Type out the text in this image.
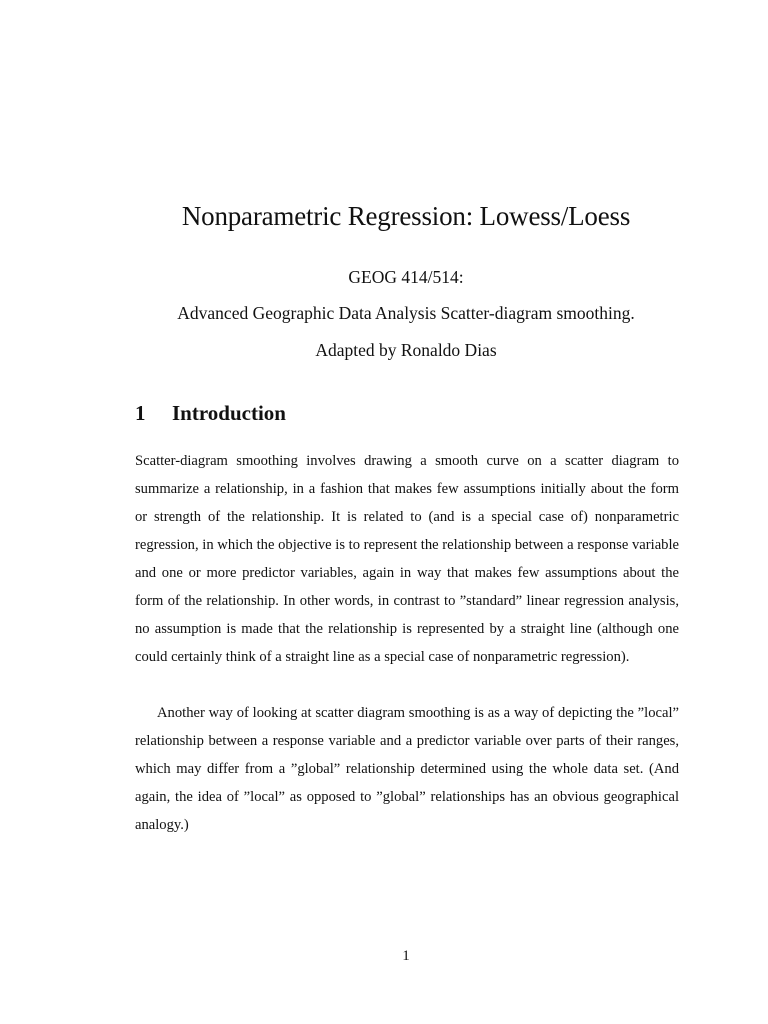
Nonparametric Regression: Lowess/Loess

GEOG 414/514:

Advanced Geographic Data Analysis Scatter-diagram smoothing.

Adapted by Ronaldo Dias

1 Introduction

Scatter-diagram smoothing involves drawing a smooth curve on a scatter diagram to summarize a relationship, in a fashion that makes few assumptions initially about the form or strength of the relationship. It is related to (and is a special case of) nonparametric regression, in which the objective is to represent the relationship between a response variable and one or more predictor variables, again in way that makes few assumptions about the form of the relationship. In other words, in contrast to ”standard” linear regression analysis, no assumption is made that the relationship is represented by a straight line (although one could certainly think of a straight line as a special case of nonparametric regression).

Another way of looking at scatter diagram smoothing is as a way of depicting the ”local” relationship between a response variable and a predictor variable over parts of their ranges, which may differ from a ”global” relationship determined using the whole data set. (And again, the idea of ”local” as opposed to ”global” relationships has an obvious geographical analogy.)

1
